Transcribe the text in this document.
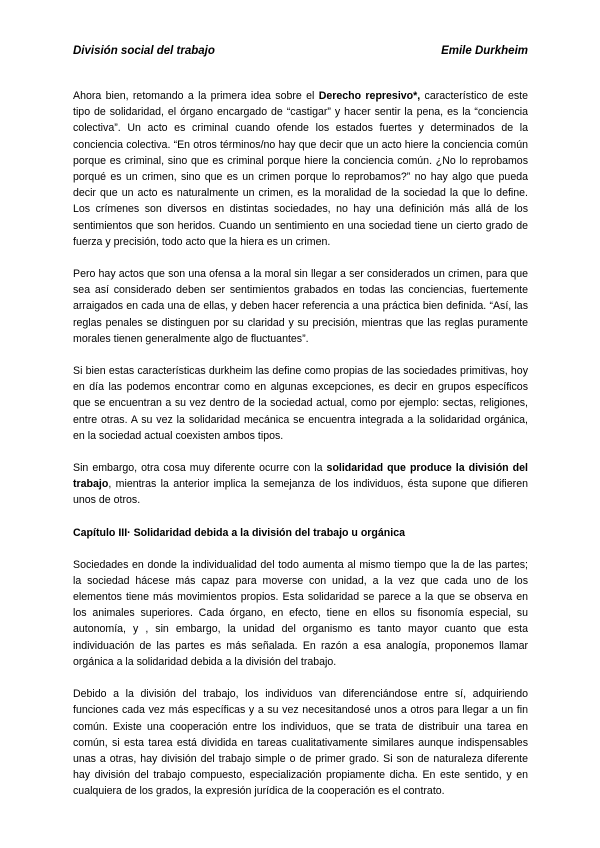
División social del trabajo	Emile Durkheim

Ahora bien, retomando a la primera idea sobre el Derecho represivo*, característico de este tipo de solidaridad, el órgano encargado de “castigar” y hacer sentir la pena, es la “conciencia colectiva”. Un acto es criminal cuando ofende los estados fuertes y determinados de la conciencia colectiva. “En otros términos/no hay que decir que un acto hiere la conciencia común porque es criminal, sino que es criminal porque hiere la conciencia común. ¿No lo reprobamos porqué es un crimen, sino que es un crimen porque lo reprobamos?” no hay algo que pueda decir que un acto es naturalmente un crimen, es la moralidad de la sociedad la que lo define. Los crímenes son diversos en distintas sociedades, no hay una definición más allá de los sentimientos que son heridos. Cuando un sentimiento en una sociedad tiene un cierto grado de fuerza y precisión, todo acto que la hiera es un crimen.

Pero hay actos que son una ofensa a la moral sin llegar a ser considerados un crimen, para que sea así considerado deben ser sentimientos grabados en todas las conciencias, fuertemente arraigados en cada una de ellas, y deben hacer referencia a una práctica bien definida. “Así, las reglas penales se distinguen por su claridad y su precisión, mientras que las reglas puramente morales tienen generalmente algo de fluctuantes”.

Si bien estas características durkheim las define como propias de las sociedades primitivas, hoy en día las podemos encontrar como en algunas excepciones, es decir en grupos específicos que se encuentran a su vez dentro de la sociedad actual, como por ejemplo: sectas, religiones, entre otras. A su vez la solidaridad mecánica se encuentra integrada a la solidaridad orgánica, en la sociedad actual coexisten ambos tipos.

Sin embargo, otra cosa muy diferente ocurre con la solidaridad que produce la división del trabajo, mientras la anterior implica la semejanza de los individuos, ésta supone que difieren unos de otros.

Capítulo III· Solidaridad debida a la división del trabajo u orgánica

Sociedades en donde la individualidad del todo aumenta al mismo tiempo que la de las partes; la sociedad hácese más capaz para moverse con unidad, a la vez que cada uno de los elementos tiene más movimientos propios. Esta solidaridad se parece a la que se observa en los animales superiores. Cada órgano, en efecto, tiene en ellos su fisonomía especial, su autonomía, y , sin embargo, la unidad del organismo es tanto mayor cuanto que esta individuación de las partes es más señalada. En razón a esa analogía, proponemos llamar orgánica a la solidaridad debida a la división del trabajo.

Debido a la división del trabajo, los individuos van diferenciándose entre sí, adquiriendo funciones cada vez más específicas y a su vez necesitandosé unos a otros para llegar a un fin común. Existe una cooperación entre los individuos, que se trata de distribuir una tarea en común, si esta tarea está dividida en tareas cualitativamente similares aunque indispensables unas a otras, hay división del trabajo simple o de primer grado. Si son de naturaleza diferente hay división del trabajo compuesto, especialización propiamente dicha. En este sentido, y en cualquiera de los grados, la expresión jurídica de la cooperación es el contrato.
